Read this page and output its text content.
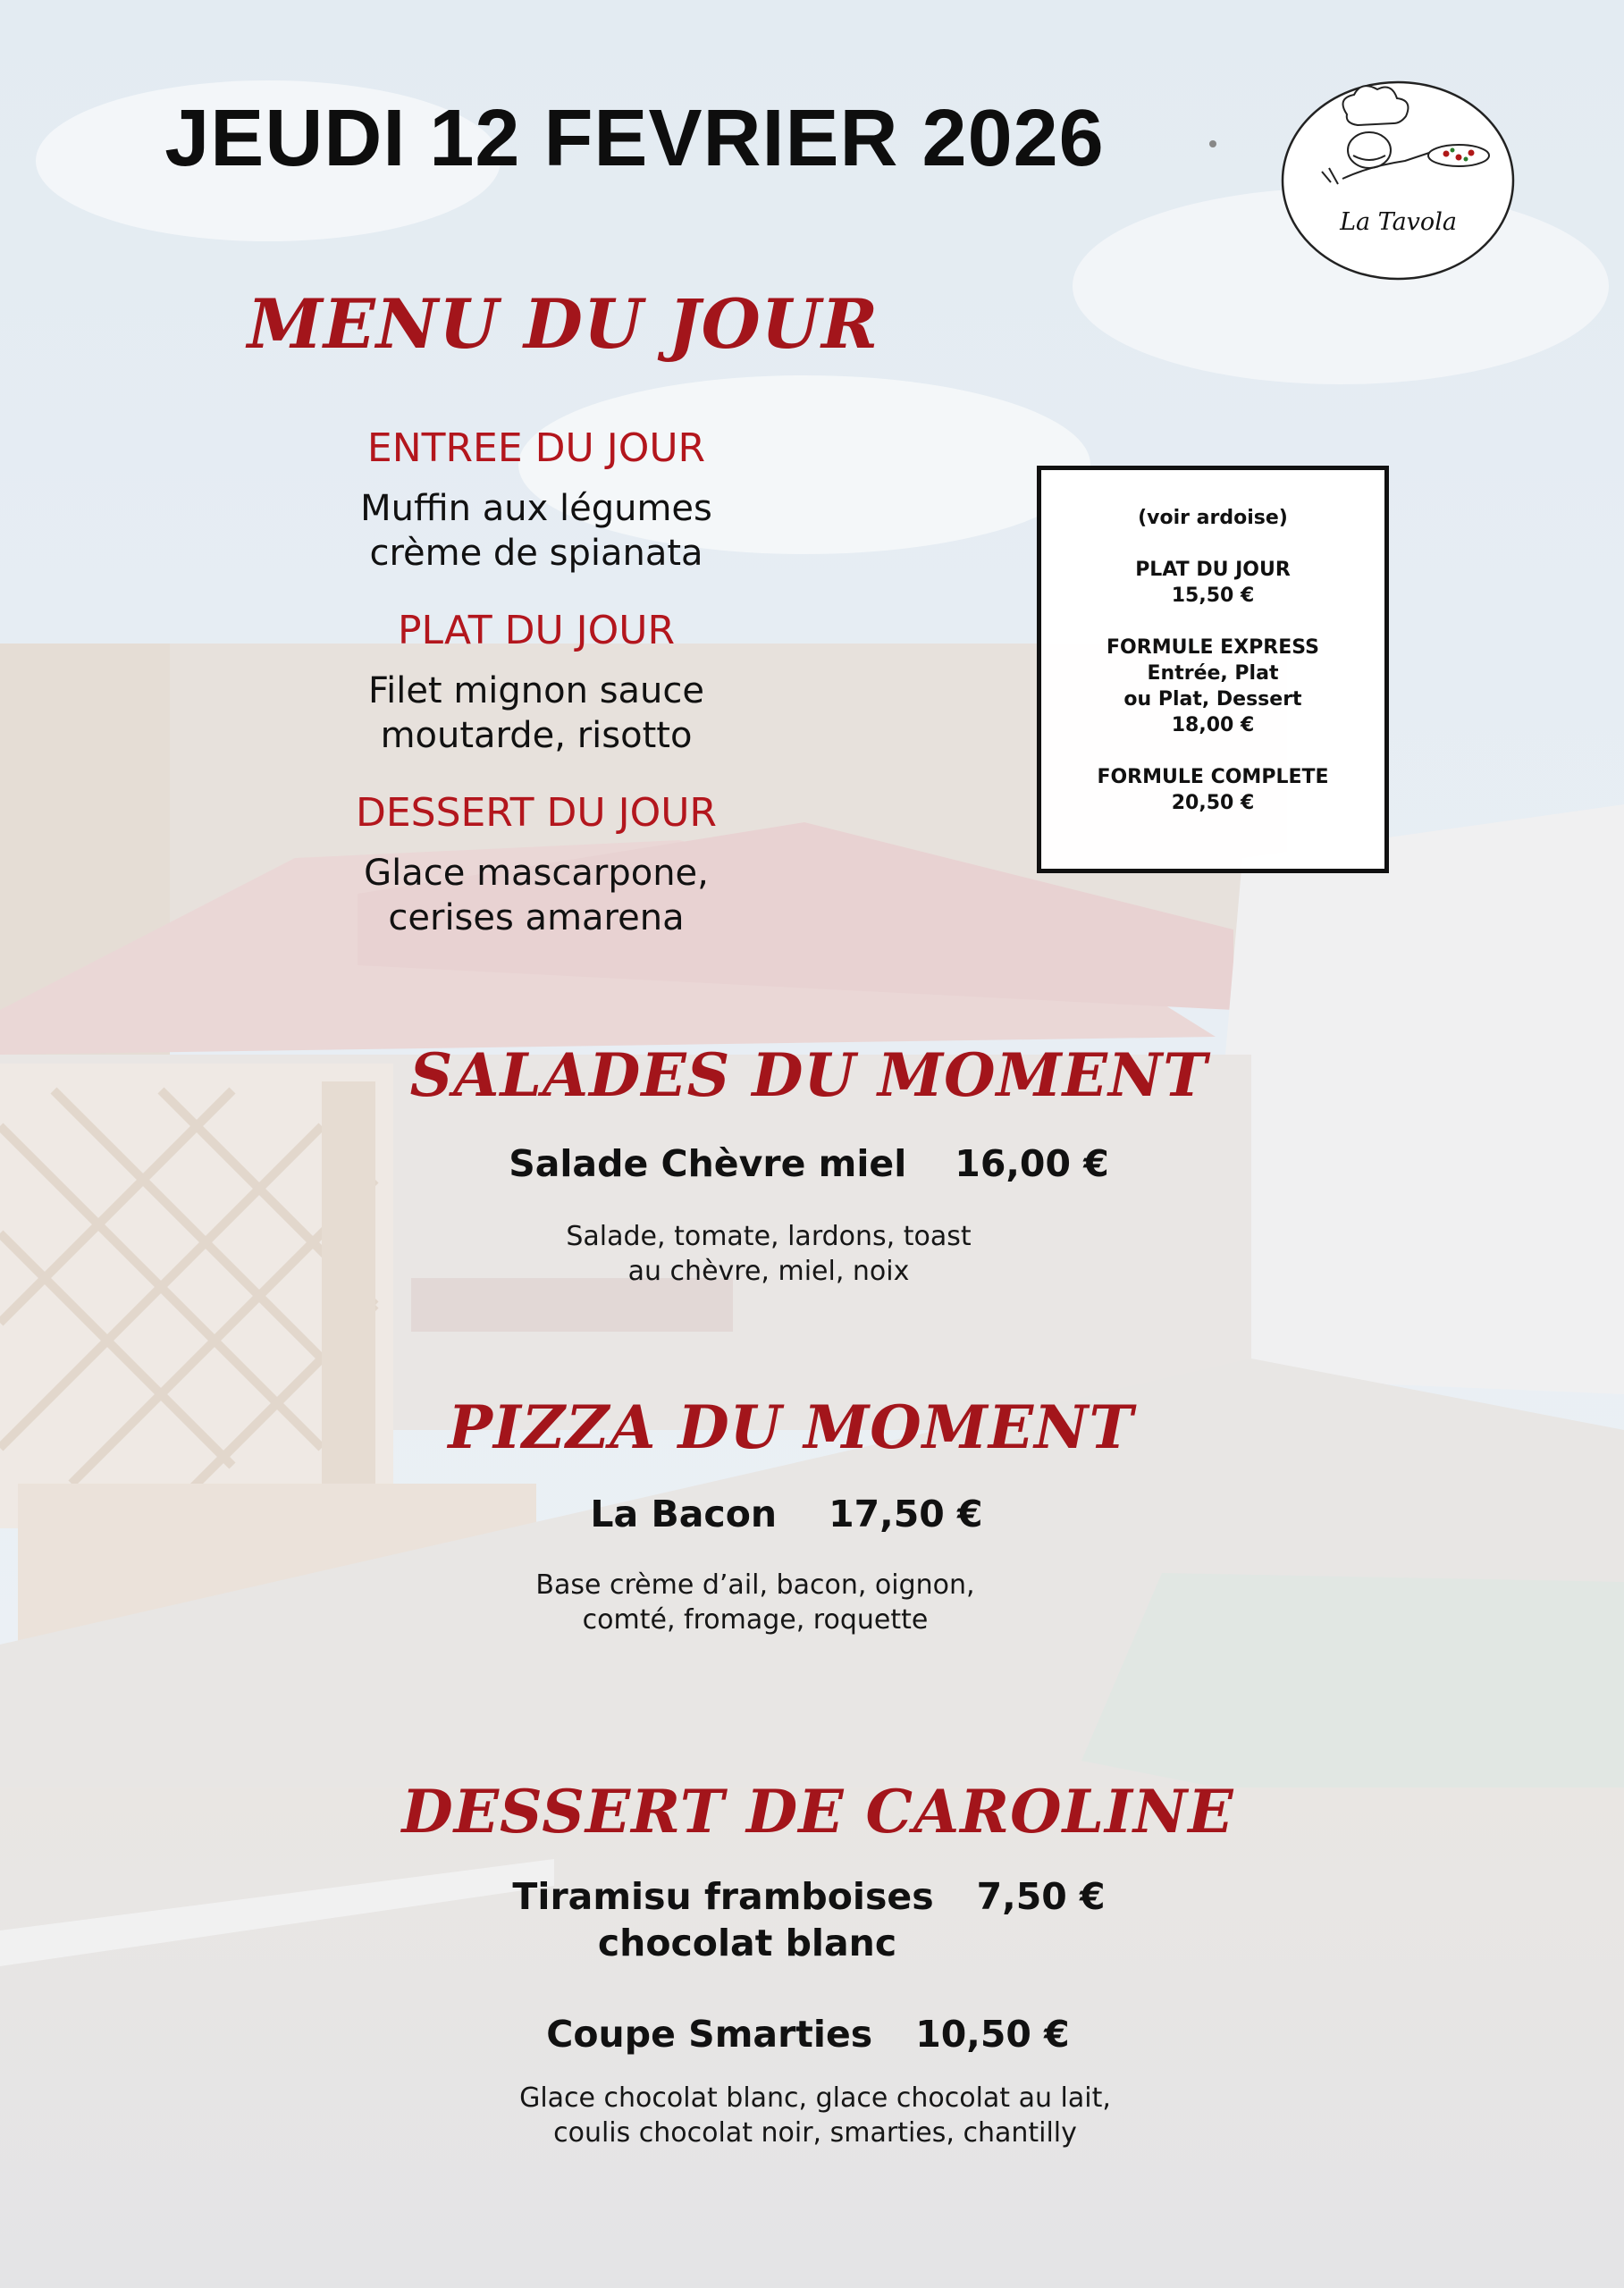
JEUDI 12 FEVRIER 2026
La Tavola
MENU DU JOUR
ENTREE DU JOUR
Muffin aux légumes
crème de spianata
PLAT DU JOUR
Filet mignon sauce
moutarde, risotto
DESSERT DU JOUR
Glace mascarpone,
cerises amarena
(voir ardoise)
PLAT DU JOUR
15,50 €
FORMULE EXPRESS
Entrée, Plat
ou Plat, Dessert
18,00 €
FORMULE COMPLETE
20,50 €
SALADES DU MOMENT
Salade Chèvre miel 16,00 €
Salade, tomate, lardons, toast
au chèvre, miel, noix
PIZZA DU MOMENT
La Bacon 17,50 €
Base crème d’ail, bacon, oignon,
comté, fromage, roquette
DESSERT DE CAROLINE
Tiramisu framboises 7,50 €
chocolat blanc
Coupe Smarties 10,50 €
Glace chocolat blanc, glace chocolat au lait,
coulis chocolat noir, smarties, chantilly
